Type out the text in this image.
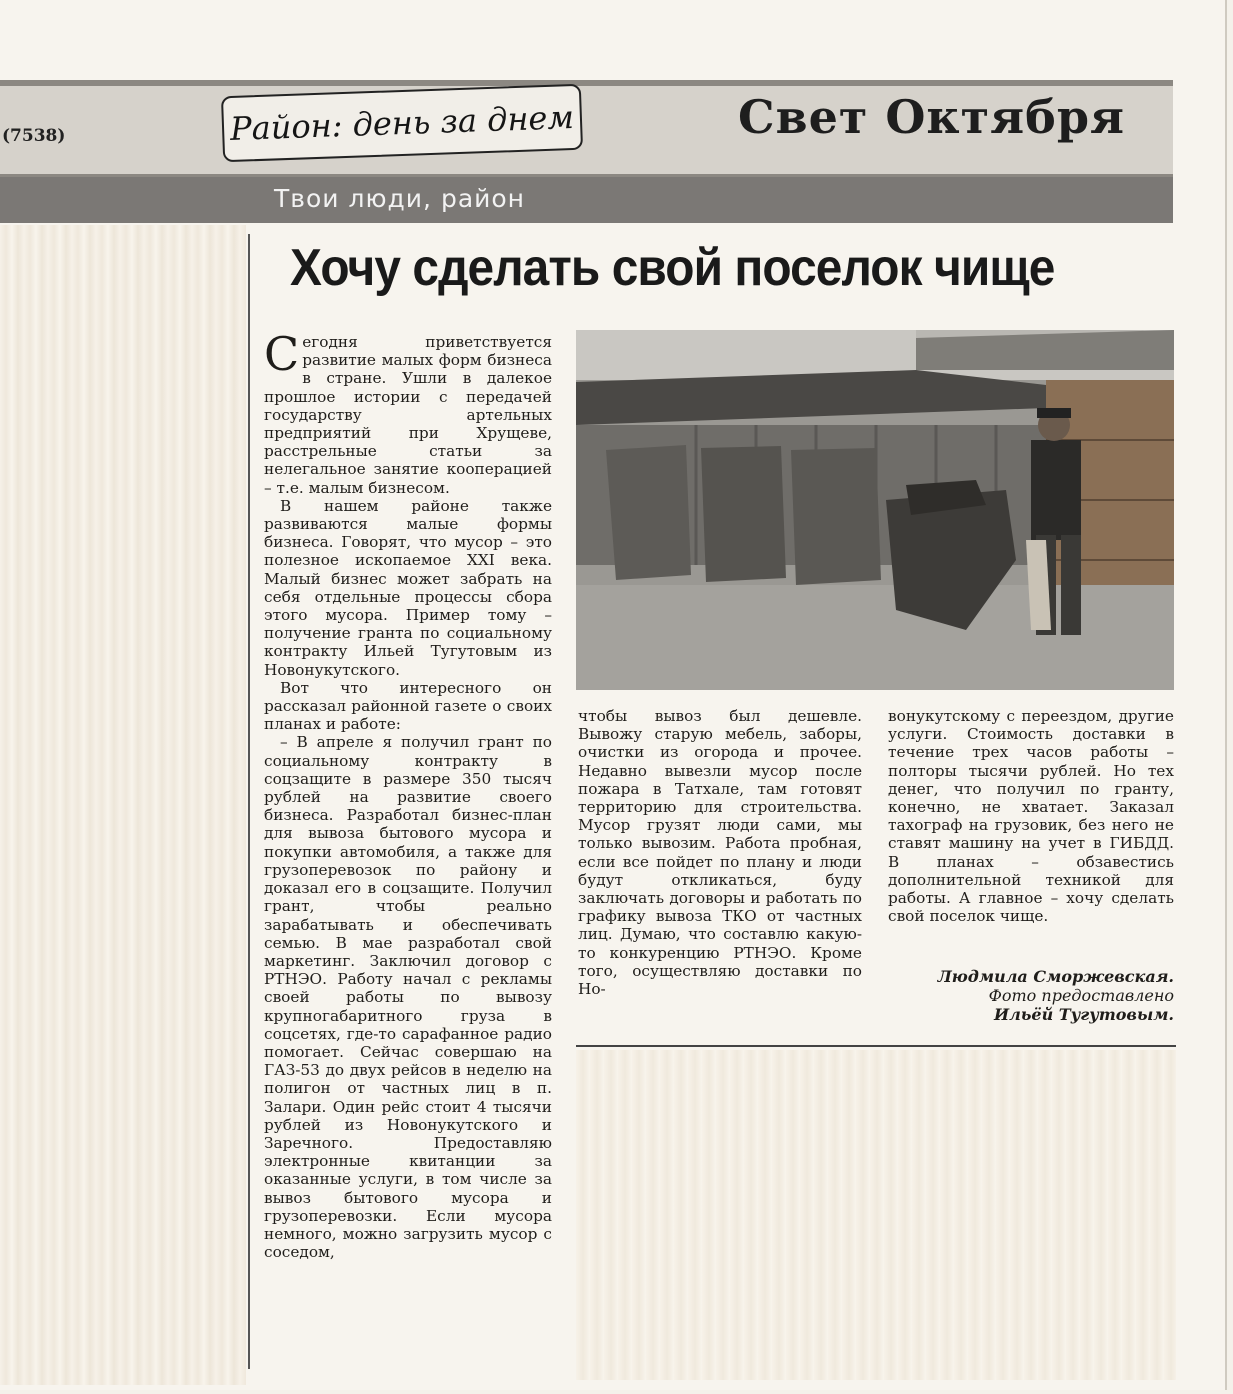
(7538)	Район: день за днем	Свет Октября
Твои люди, район
Хочу сделать свой поселок чище

Сегодня приветствуется развитие малых форм бизнеса в стране. Ушли в далекое прошлое истории с передачей государству артельных предприятий при Хрущеве, расстрельные статьи за нелегальное занятие кооперацией – т.е. малым бизнесом.

В нашем районе также развиваются малые формы бизнеса. Говорят, что мусор – это полезное ископаемое XXI века. Малый бизнес может забрать на себя отдельные процессы сбора этого мусора. Пример тому – получение гранта по социальному контракту Ильей Тугутовым из Новонукутского.

Вот что интересного он рассказал районной газете о своих планах и работе:

– В апреле я получил грант по социальному контракту в соцзащите в размере 350 тысяч рублей на развитие своего бизнеса. Разработал бизнес-план для вывоза бытового мусора и покупки автомобиля, а также для грузоперевозок по району и доказал его в соцзащите. Получил грант, чтобы реально зарабатывать и обеспечивать семью. В мае разработал свой маркетинг. Заключил договор с РТНЭО. Работу начал с рекламы своей работы по вывозу крупногабаритного груза в соцсетях, где-то сарафанное радио помогает. Сейчас совершаю на ГАЗ-53 до двух рейсов в неделю на полигон от частных лиц в п. Залари. Один рейс стоит 4 тысячи рублей из Новонукутского и Заречного. Предоставляю электронные квитанции за оказанные услуги, в том числе за вывоз бытового мусора и грузоперевозки. Если мусора немного, можно загрузить мусор с соседом,

чтобы вывоз был дешевле. Вывожу старую мебель, заборы, очистки из огорода и прочее. Недавно вывезли мусор после пожара в Татхале, там готовят территорию для строительства. Мусор грузят люди сами, мы только вывозим. Работа пробная, если все пойдет по плану и люди будут откликаться, буду заключать договоры и работать по графику вывоза ТКО от частных лиц. Думаю, что составлю какую-то конкуренцию РТНЭО. Кроме того, осуществляю доставки по Но-

вонукутскому с переездом, другие услуги. Стоимость доставки в течение трех часов работы – полторы тысячи рублей. Но тех денег, что получил по гранту, конечно, не хватает. Заказал тахограф на грузовик, без него не ставят машину на учет в ГИБДД. В планах – обзавестись дополнительной техникой для работы. А главное – хочу сделать свой поселок чище.

Людмила Сморжевская.
Фото предоставлено
Ильёй Тугутовым.
